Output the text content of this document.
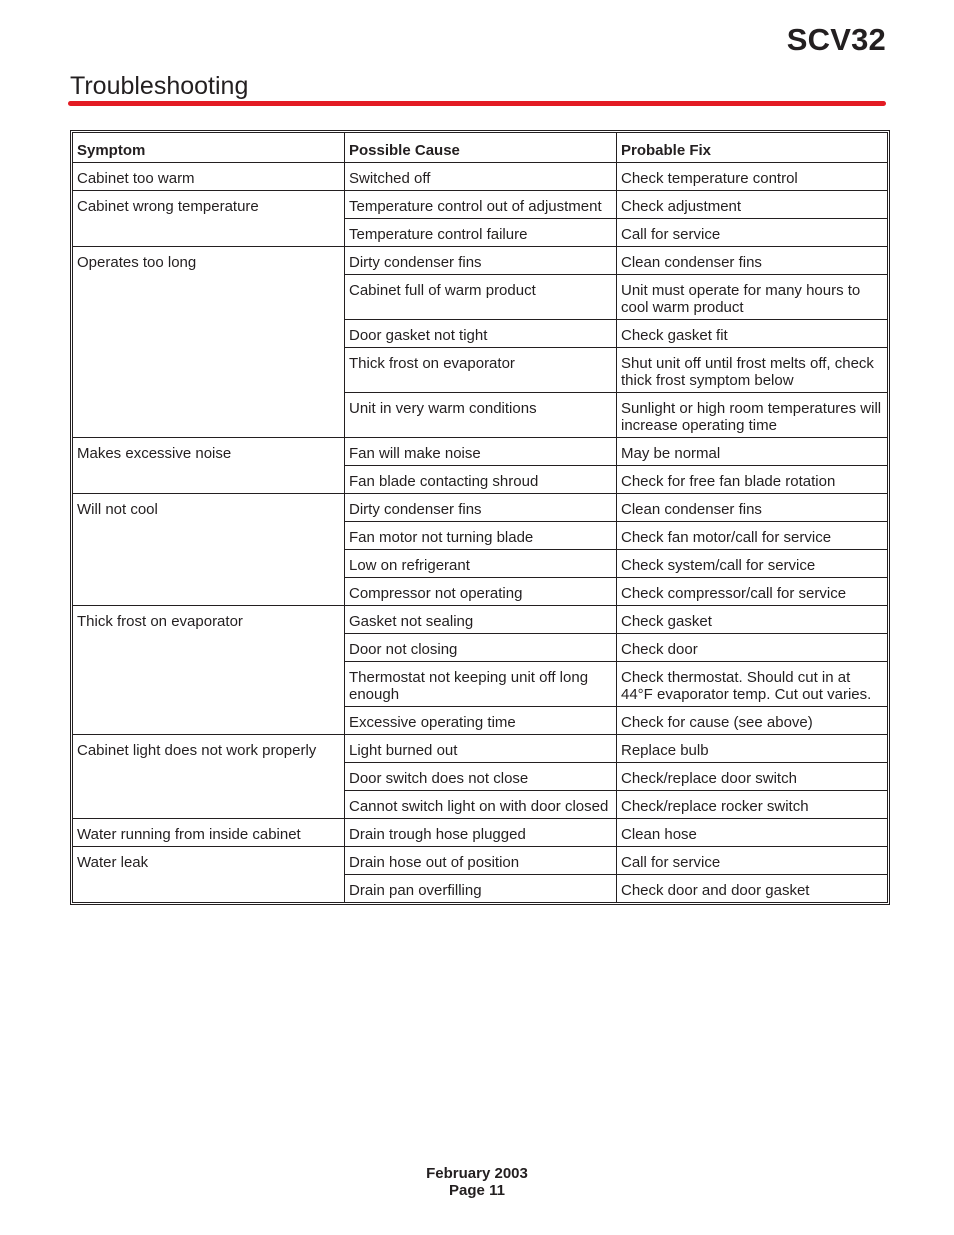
SCV32
Troubleshooting
Symptom	Possible Cause	Probable Fix
Cabinet too warm	Switched off	Check temperature control
Cabinet wrong temperature	Temperature control out of adjustment	Check adjustment
	Temperature control failure	Call for service
Operates too long	Dirty condenser fins	Clean condenser fins
	Cabinet full of warm product	Unit must operate for many hours to cool warm product
	Door gasket not tight	Check gasket fit
	Thick frost on evaporator	Shut unit off until frost melts off, check thick frost symptom below
	Unit in very warm conditions	Sunlight or high room temperatures will increase operating time
Makes excessive noise	Fan will make noise	May be normal
	Fan blade contacting shroud	Check for free fan blade rotation
Will not cool	Dirty condenser fins	Clean condenser fins
	Fan motor not turning blade	Check fan motor/call for service
	Low on refrigerant	Check system/call for service
	Compressor not operating	Check compressor/call for service
Thick frost on evaporator	Gasket not sealing	Check gasket
	Door not closing	Check door
	Thermostat not keeping unit off long enough	Check thermostat. Should cut in at 44°F evaporator temp. Cut out varies.
	Excessive operating time	Check for cause (see above)
Cabinet light does not work properly	Light burned out	Replace bulb
	Door switch does not close	Check/replace door switch
	Cannot switch light on with door closed	Check/replace rocker switch
Water running from inside cabinet	Drain trough hose plugged	Clean hose
Water leak	Drain hose out of position	Call for service
	Drain pan overfilling	Check door and door gasket
February 2003
Page 11
